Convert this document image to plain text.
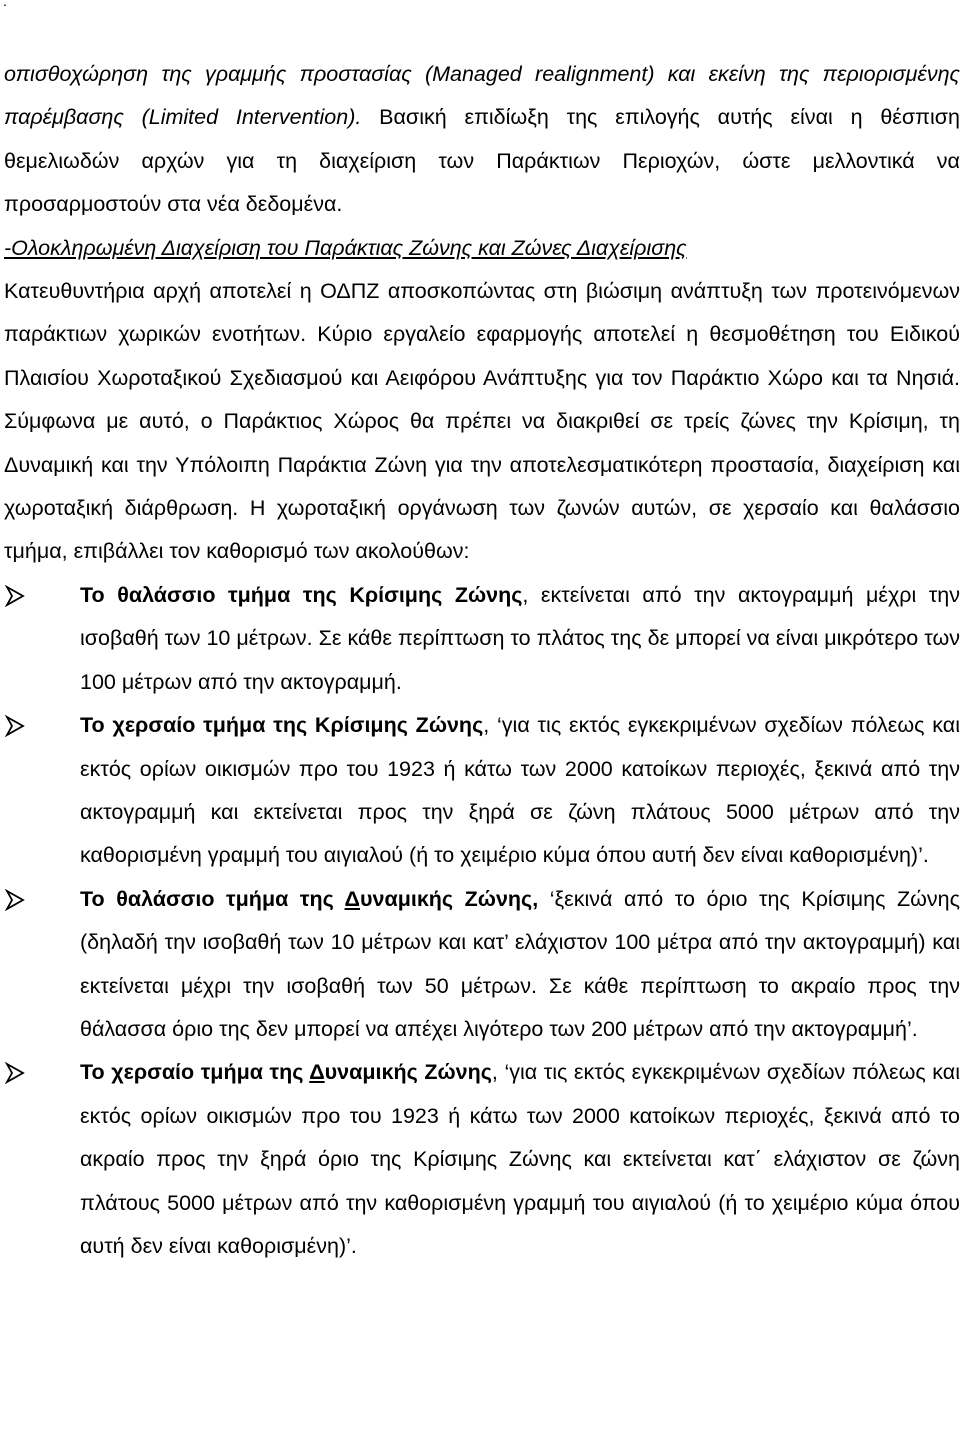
.

οπισθοχώρηση της γραμμής προστασίας (Managed realignment) και εκείνη της περιορισμένης παρέμβασης (Limited Intervention). Βασική επιδίωξη της επιλογής αυτής είναι η θέσπιση θεμελιωδών αρχών για τη διαχείριση των Παράκτιων Περιοχών, ώστε μελλοντικά να προσαρμοστούν στα νέα δεδομένα.

-Ολοκληρωμένη Διαχείριση του Παράκτιας Ζώνης και Ζώνες Διαχείρισης

Κατευθυντήρια αρχή αποτελεί η ΟΔΠΖ αποσκοπώντας στη βιώσιμη ανάπτυξη των προτεινόμενων παράκτιων χωρικών ενοτήτων. Κύριο εργαλείο εφαρμογής αποτελεί η θεσμοθέτηση του Ειδικού Πλαισίου Χωροταξικού Σχεδιασμού και Αειφόρου Ανάπτυξης για τον Παράκτιο Χώρο και τα Νησιά. Σύμφωνα με αυτό, ο Παράκτιος Χώρος θα πρέπει να διακριθεί σε τρείς ζώνες την Κρίσιμη, τη Δυναμική και την Υπόλοιπη Παράκτια Ζώνη για την αποτελεσματικότερη προστασία, διαχείριση και χωροταξική διάρθρωση. Η χωροταξική οργάνωση των ζωνών αυτών, σε χερσαίο και θαλάσσιο τμήμα, επιβάλλει τον καθορισμό των ακολούθων:

Το θαλάσσιο τμήμα της Κρίσιμης Ζώνης, εκτείνεται από την ακτογραμμή μέχρι την ισοβαθή των 10 μέτρων. Σε κάθε περίπτωση το πλάτος της δε μπορεί να είναι μικρότερο των 100 μέτρων από την ακτογραμμή.
Το χερσαίο τμήμα της Κρίσιμης Ζώνης, ‘για τις εκτός εγκεκριμένων σχεδίων πόλεως και εκτός ορίων οικισμών προ του 1923 ή κάτω των 2000 κατοίκων περιοχές, ξεκινά από την ακτογραμμή και εκτείνεται προς την ξηρά σε ζώνη πλάτους 5000 μέτρων από την καθορισμένη γραμμή του αιγιαλού (ή το χειμέριο κύμα όπου αυτή δεν είναι καθορισμένη)’.
Το θαλάσσιο τμήμα της Δυναμικής Ζώνης, ‘ξεκινά από το όριο της Κρίσιμης Ζώνης (δηλαδή την ισοβαθή των 10 μέτρων και κατ’ ελάχιστον 100 μέτρα από την ακτογραμμή) και εκτείνεται μέχρι την ισοβαθή των 50 μέτρων. Σε κάθε περίπτωση το ακραίο προς την θάλασσα όριο της δεν μπορεί να απέχει λιγότερο των 200 μέτρων από την ακτογραμμή’.
Το χερσαίο τμήμα της Δυναμικής Ζώνης, ‘για τις εκτός εγκεκριμένων σχεδίων πόλεως και εκτός ορίων οικισμών προ του 1923 ή κάτω των 2000 κατοίκων περιοχές, ξεκινά από το ακραίο προς την ξηρά όριο της Κρίσιμης Ζώνης και εκτείνεται κατ΄ ελάχιστον σε ζώνη πλάτους 5000 μέτρων από την καθορισμένη γραμμή του αιγιαλού (ή το χειμέριο κύμα όπου αυτή δεν είναι καθορισμένη)’.
